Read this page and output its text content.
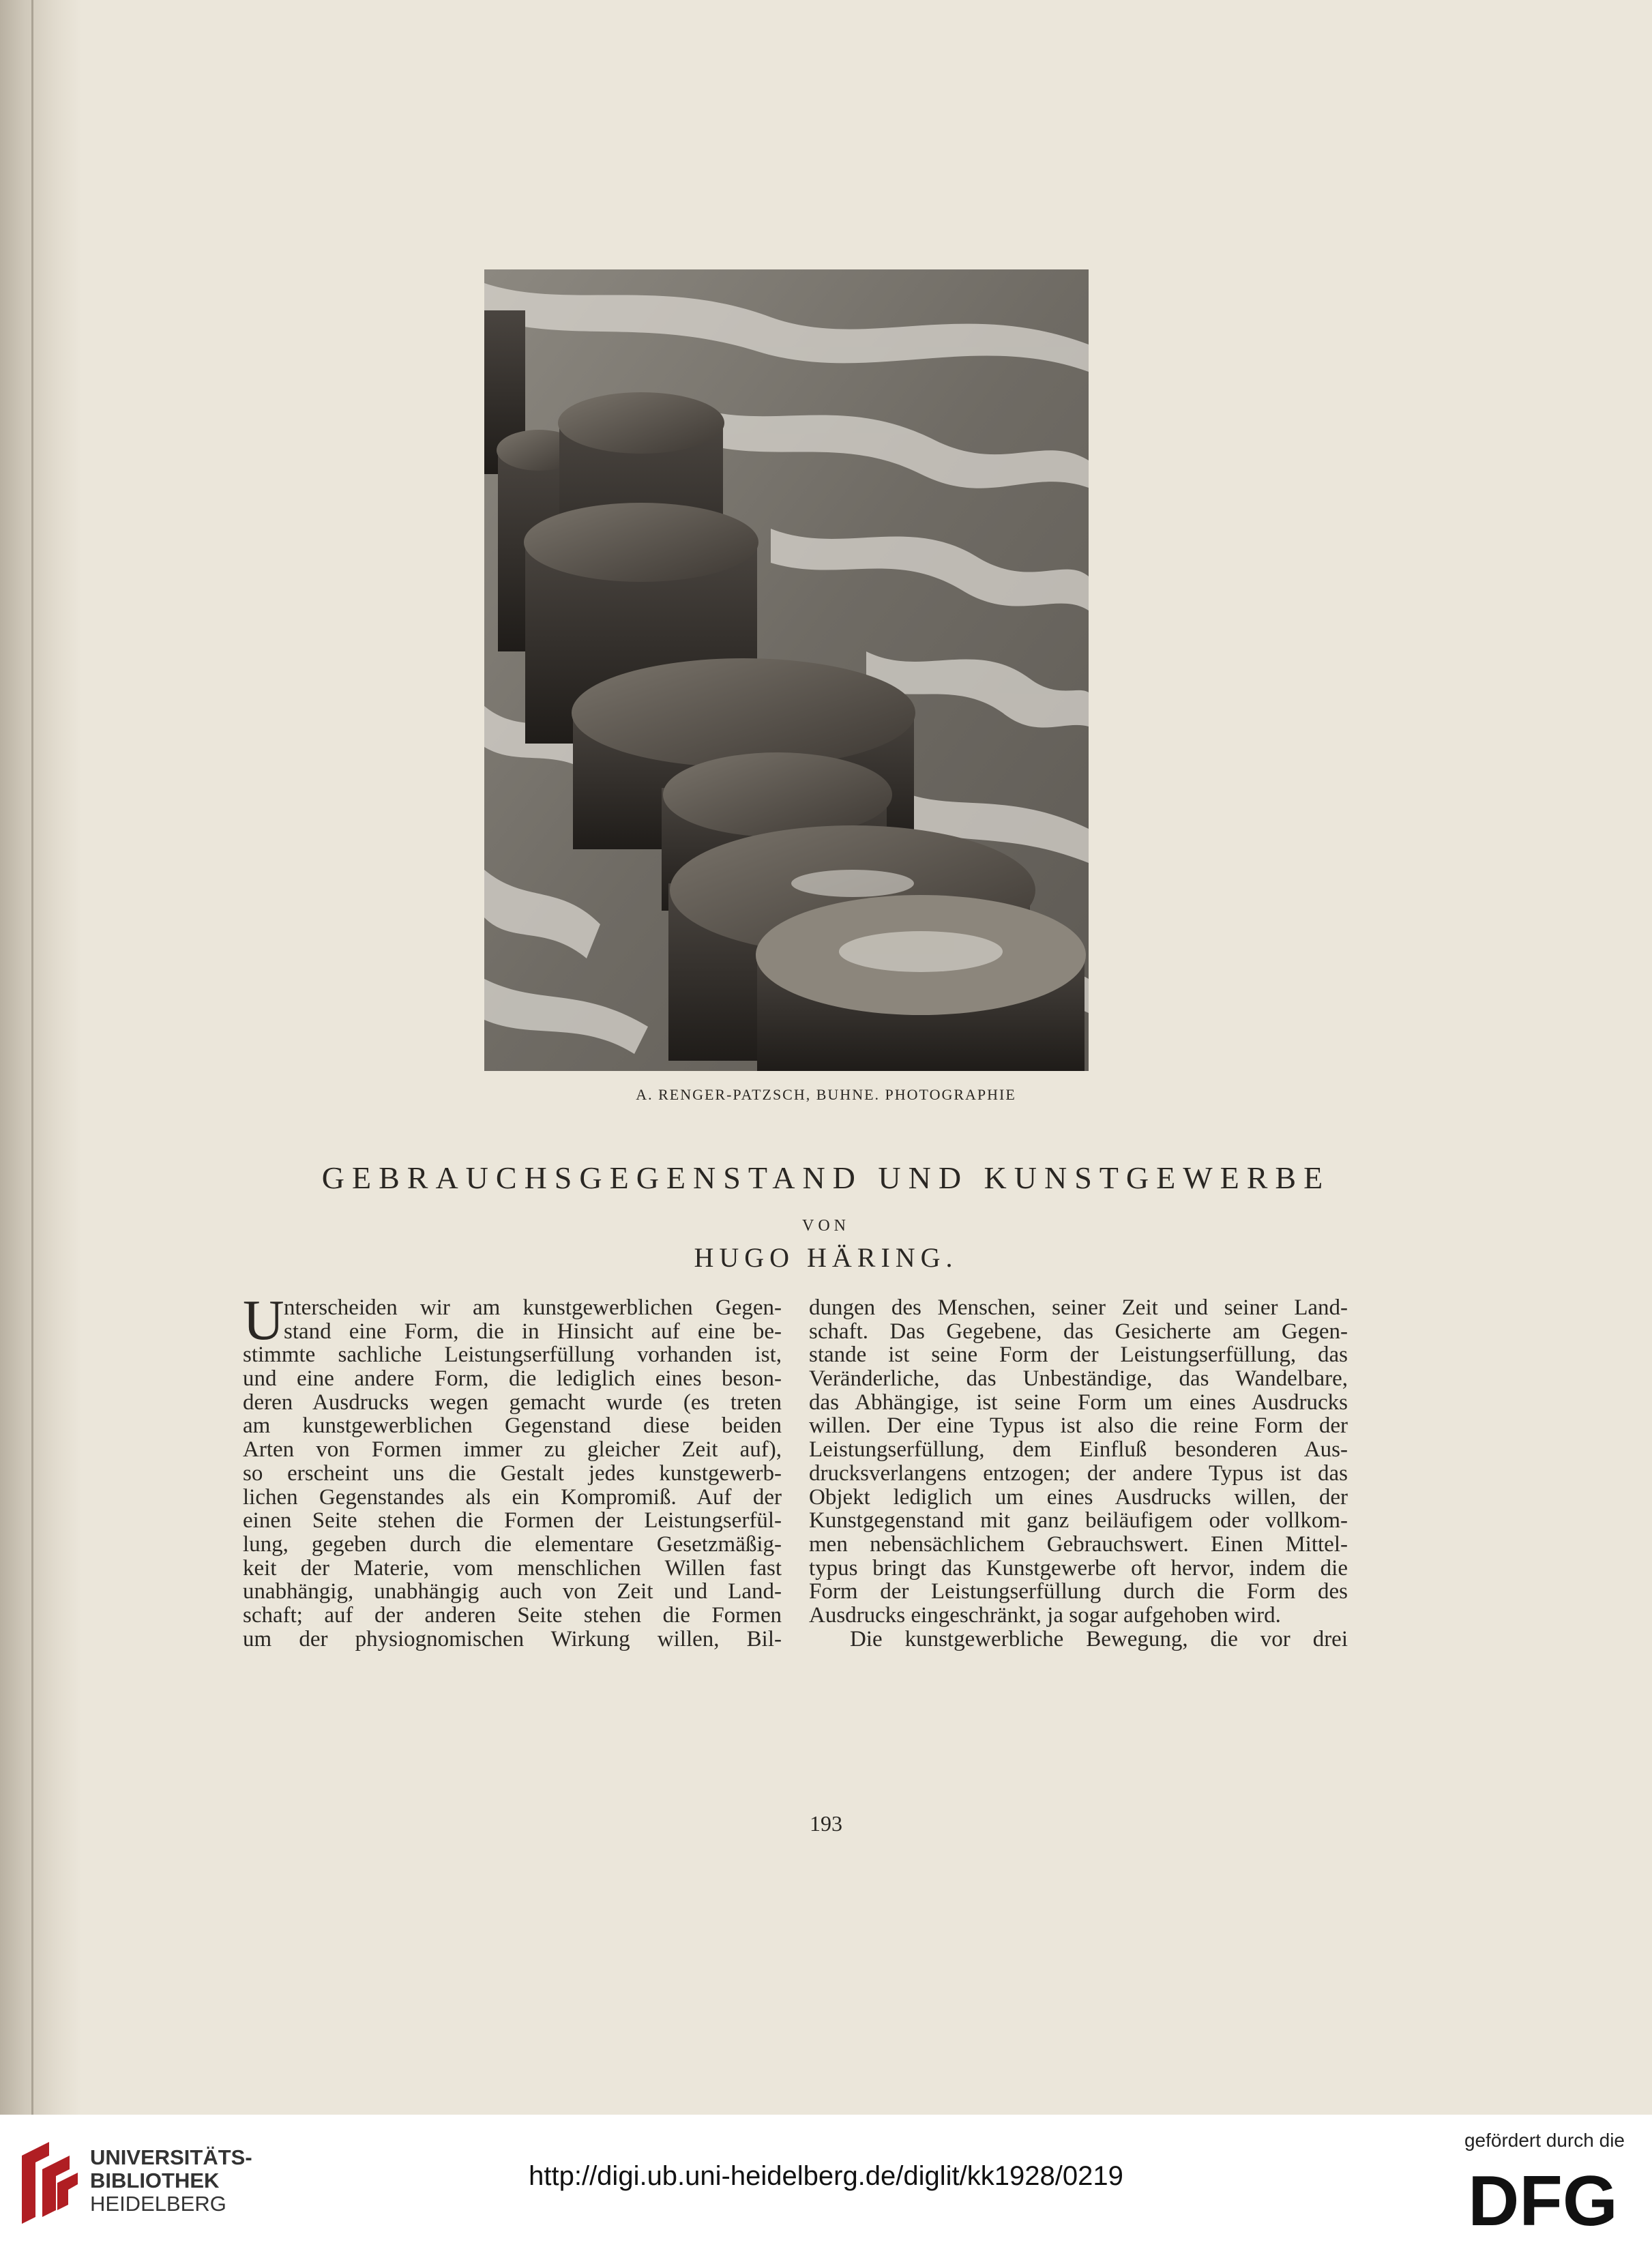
A. RENGER-PATZSCH, BUHNE. PHOTOGRAPHIE
GEBRAUCHSGEGENSTAND UND KUNSTGEWERBE
VON
HUGO HÄRING.
U nterscheiden wir am kunstgewerblichen Gegen-
stand eine Form, die in Hinsicht auf eine be-
stimmte sachliche Leistungserfüllung vorhanden ist,
und eine andere Form, die lediglich eines beson-
deren Ausdrucks wegen gemacht wurde (es treten
am kunstgewerblichen Gegenstand diese beiden
Arten von Formen immer zu gleicher Zeit auf),
so erscheint uns die Gestalt jedes kunstgewerb-
lichen Gegenstandes als ein Kompromiß. Auf der
einen Seite stehen die Formen der Leistungserfül-
lung, gegeben durch die elementare Gesetzmäßig-
keit der Materie, vom menschlichen Willen fast
unabhängig, unabhängig auch von Zeit und Land-
schaft; auf der anderen Seite stehen die Formen
um der physiognomischen Wirkung willen, Bil-
dungen des Menschen, seiner Zeit und seiner Land-
schaft. Das Gegebene, das Gesicherte am Gegen-
stande ist seine Form der Leistungserfüllung, das
Veränderliche, das Unbeständige, das Wandelbare,
das Abhängige, ist seine Form um eines Ausdrucks
willen. Der eine Typus ist also die reine Form der
Leistungserfüllung, dem Einfluß besonderen Aus-
drucksverlangens entzogen; der andere Typus ist das
Objekt lediglich um eines Ausdrucks willen, der
Kunstgegenstand mit ganz beiläufigem oder vollkom-
men nebensächlichem Gebrauchswert. Einen Mittel-
typus bringt das Kunstgewerbe oft hervor, indem die
Form der Leistungserfüllung durch die Form des
Ausdrucks eingeschränkt, ja sogar aufgehoben wird.
Die kunstgewerbliche Bewegung, die vor drei
193
UNIVERSITÄTS-
BIBLIOTHEK
HEIDELBERG
http://digi.ub.uni-heidelberg.de/diglit/kk1928/0219
gefördert durch die
DFG
